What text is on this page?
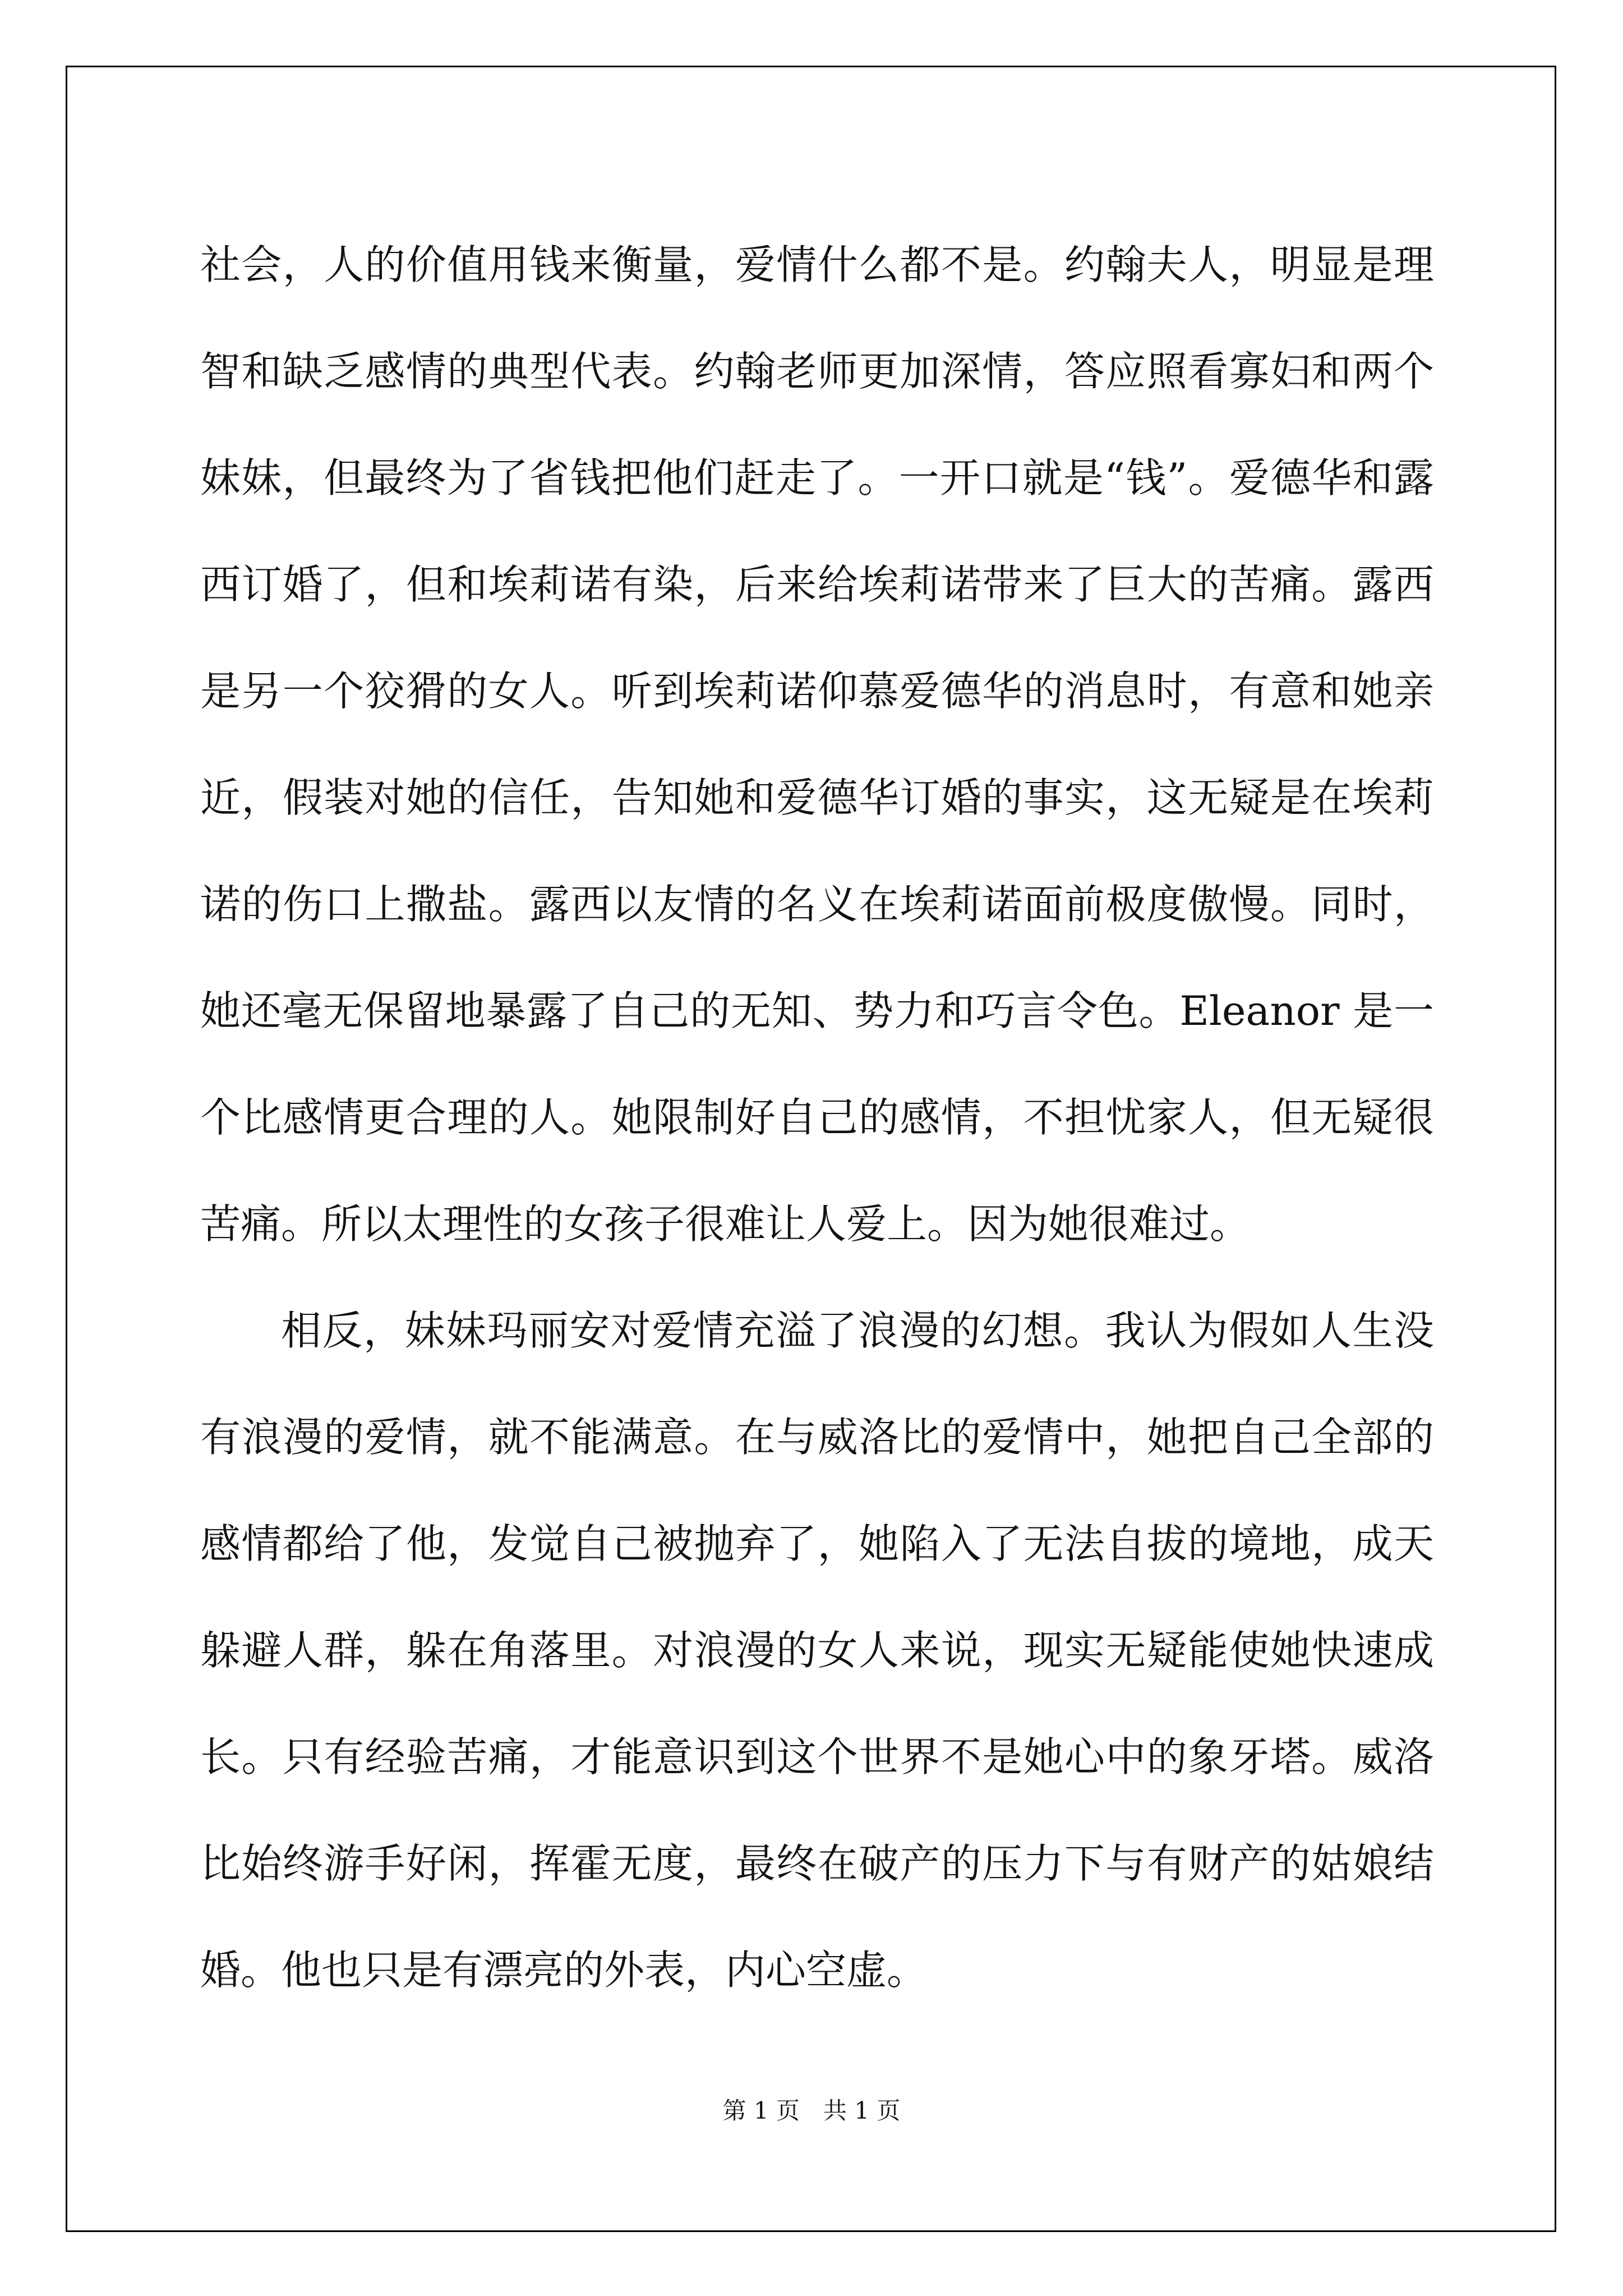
社会，人的价值用钱来衡量，爱情什么都不是。约翰夫人，明显是理智和缺乏感情的典型代表。约翰老师更加深情，答应照看寡妇和两个妹妹，但最终为了省钱把他们赶走了。一开口就是“钱”。爱德华和露西订婚了，但和埃莉诺有染，后来给埃莉诺带来了巨大的苦痛。露西是另一个狡猾的女人。听到埃莉诺仰慕爱德华的消息时，有意和她亲近，假装对她的信任，告知她和爱德华订婚的事实，这无疑是在埃莉诺的伤口上撒盐。露西以友情的名义在埃莉诺面前极度傲慢。同时，她还毫无保留地暴露了自己的无知、势力和巧言令色。Eleanor 是一个比感情更合理的人。她限制好自己的感情，不担忧家人，但无疑很苦痛。所以太理性的女孩子很难让人爱上。因为她很难过。

相反，妹妹玛丽安对爱情充溢了浪漫的幻想。我认为假如人生没有浪漫的爱情，就不能满意。在与威洛比的爱情中，她把自己全部的感情都给了他，发觉自己被抛弃了，她陷入了无法自拔的境地，成天躲避人群，躲在角落里。对浪漫的女人来说，现实无疑能使她快速成长。只有经验苦痛，才能意识到这个世界不是她心中的象牙塔。威洛比始终游手好闲，挥霍无度，最终在破产的压力下与有财产的姑娘结婚。他也只是有漂亮的外表，内心空虚。

第 1 页　共 1 页
